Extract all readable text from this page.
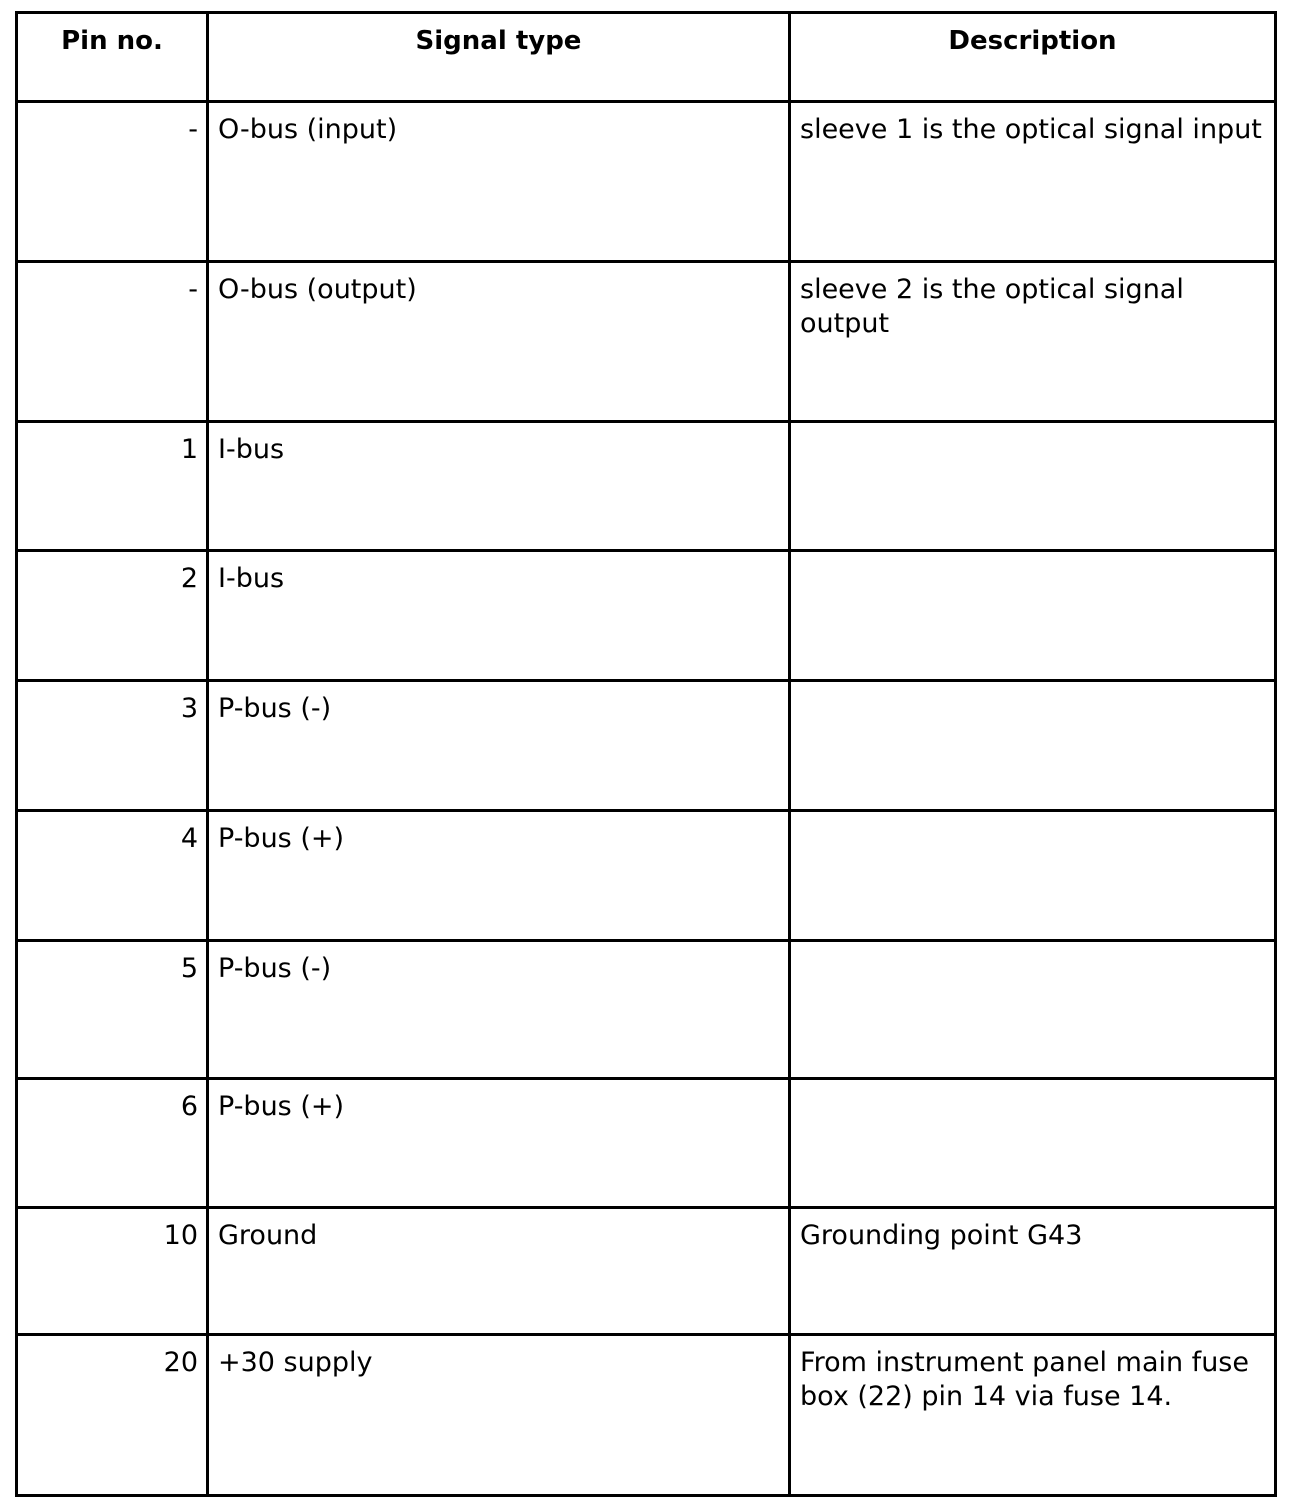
Pin no.	Signal type	Description
-	O-bus (input)	sleeve 1 is the optical signal input
-	O-bus (output)	sleeve 2 is the optical signal output
1	I-bus	
2	I-bus	
3	P-bus (-)	
4	P-bus (+)	
5	P-bus (-)	
6	P-bus (+)	
10	Ground	Grounding point G43
20	+30 supply	From instrument panel main fuse box (22) pin 14 via fuse 14.
